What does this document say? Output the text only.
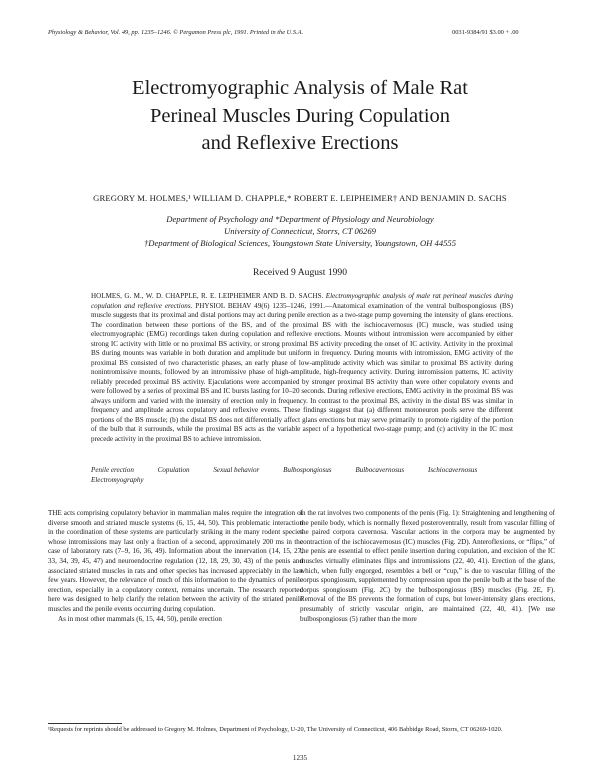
Physiology & Behavior, Vol. 49, pp. 1235–1246. © Pergamon Press plc, 1991. Printed in the U.S.A.	0031-9384/91 $3.00 + .00
Electromyographic Analysis of Male Rat
Perineal Muscles During Copulation
and Reflexive Erections
GREGORY M. HOLMES,¹ WILLIAM D. CHAPPLE,* ROBERT E. LEIPHEIMER† AND BENJAMIN D. SACHS
Department of Psychology and *Department of Physiology and Neurobiology
University of Connecticut, Storrs, CT 06269
†Department of Biological Sciences, Youngstown State University, Youngstown, OH 44555
Received 9 August 1990
HOLMES, G. M., W. D. CHAPPLE, R. E. LEIPHEIMER AND B. D. SACHS. Electromyographic analysis of male rat perineal muscles during copulation and reflexive erections. PHYSIOL BEHAV 49(6) 1235–1246, 1991.—Anatomical examination of the ventral bulbospongiosus (BS) muscle suggests that its proximal and distal portions may act during penile erection as a two-stage pump governing the intensity of glans erections. The coordination between these portions of the BS, and of the proximal BS with the ischiocavernosus (IC) muscle, was studied using electromyographic (EMG) recordings taken during copulation and reflexive erections. Mounts without intromission were accompanied by either strong IC activity with little or no proximal BS activity, or strong proximal BS activity preceding the onset of IC activity. Activity in the proximal BS during mounts was variable in both duration and amplitude but uniform in frequency. During mounts with intromission, EMG activity of the proximal BS consisted of two characteristic phases, an early phase of low-amplitude activity which was similar to proximal BS activity during nonintromissive mounts, followed by an intromissive phase of high-amplitude, high-frequency activity. During intromission patterns, IC activity reliably preceded proximal BS activity. Ejaculations were accompanied by stronger proximal BS activity than were other copulatory events and were followed by a series of proximal BS and IC bursts lasting for 10–20 seconds. During reflexive erections, EMG activity in the proximal BS was always uniform and varied with the intensity of erection only in frequency. In contrast to the proximal BS, activity in the distal BS was similar in frequency and amplitude across copulatory and reflexive events. These findings suggest that (a) different motoneuron pools serve the different portions of the BS muscle; (b) the distal BS does not differentially affect glans erections but may serve primarily to promote rigidity of the portion of the bulb that it surrounds, while the proximal BS acts as the variable aspect of a hypothetical two-stage pump; and (c) activity in the IC most precede activity in the proximal BS to achieve intromission.
Penile erection	Copulation	Sexual behavior	Bulbospongiosus	Bulbocavernosus	Ischiocavernosus Electromyography

THE acts comprising copulatory behavior in mammalian males require the integration of diverse smooth and striated muscle systems (6, 15, 44, 50). This problematic interaction in the coordination of these systems are particularly striking in the many rodent species whose intromissions may last only a fraction of a second, approximately 200 ms in the case of laboratory rats (7–9, 16, 36, 49). Information about the innervation (14, 15, 27, 33, 34, 39, 45, 47) and neuroendocrine regulation (12, 18, 29, 30, 43) of the penis and associated striated muscles in rats and other species has increased appreciably in the last few years. However, the relevance of much of this information to the dynamics of penile erection, especially in a copulatory context, remains uncertain. The research reported here was designed to help clarify the relation between the activity of the striated penile muscles and the penile events occurring during copulation.

As in most other mammals (6, 15, 44, 50), penile erection

in the rat involves two components of the penis (Fig. 1): Straightening and lengthening of the penile body, which is normally flexed posteroventrally, result from vascular filling of the paired corpora cavernosa. Vascular actions in the corpora may be augmented by contraction of the ischiocavernosus (IC) muscles (Fig. 2D). Anteroflexions, or “flips,” of the penis are essential to effect penile insertion during copulation, and excision of the IC muscles virtually eliminates flips and intromissions (22, 40, 41). Erection of the glans, which, when fully engorged, resembles a bell or “cup,” is due to vascular filling of the corpus spongiosum, supplemented by compression upon the penile bulb at the base of the corpus spongiosum (Fig. 2C) by the bulbospongiosus (BS) muscles (Fig. 2E, F). Removal of the BS prevents the formation of cups, but lower-intensity glans erections, presumably of strictly vascular origin, are maintained (22, 40, 41). [We use bulbospongiosus (5) rather than the more

¹Requests for reprints should be addressed to Gregory M. Holmes, Department of Psychology, U-20, The University of Connecticut, 406 Babbidge Road, Storrs, CT 06269-1020.
1235
